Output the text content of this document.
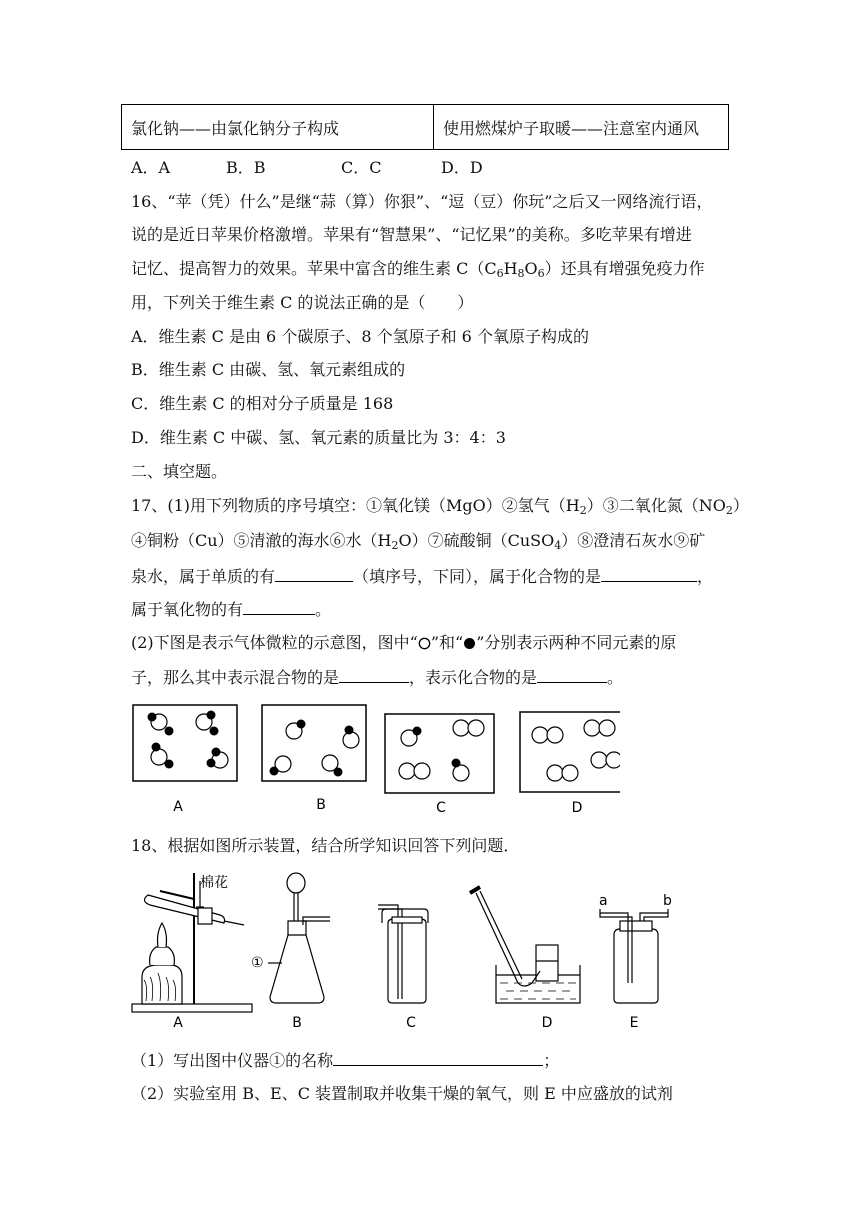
氯化钠——由氯化钠分子构成	使用燃煤炉子取暖——注意室内通风
A．A	B．B	C．C	D．D
16、“苹（凭）什么”是继“蒜（算）你狠”、“逗（豆）你玩”之后又一网络流行语，
说的是近日苹果价格激增。苹果有“智慧果”、“记忆果”的美称。多吃苹果有增进
记忆、提高智力的效果。苹果中富含的维生素 $C(C_6H_8O_6)$还具有增强免疫力作
用，下列关于维生素 C 的说法正确的是（　　）
A．维生素 C 是由 6 个碳原子、8 个氢原子和 6 个氧原子构成的
B．维生素 C 由碳、氢、氧元素组成的
C．维生素 C 的相对分子质量是 168
D．维生素 C 中碳、氢、氧元素的质量比为 3：4：3
二、填空题。
17、(1)用下列物质的序号填空：①氧化镁（MgO）②氢气$(H_2)③$二氧化氮$(NO_2)$
④铜粉（Cu）⑤清澈的海水⑥水$(H_2O)⑦$硫酸铜（CuSO$_4$）⑧澄清石灰水⑨矿
泉水，属于单质的有	（填序号，下同），属于化合物的是	，
属于氧化物的有	。
(2)下图是表示气体微粒的示意图，图中“ ”和“ ”分别表示两种不同元素的原
子，那么其中表示混合物的是	，表示化合物的是	。
A	B	C	D
18、根据如图所示装置，结合所学知识回答下列问题．
棉花
A
①
B	C	D
a	b
E
（1）写出图中仪器①的名称	；
（2）实验室用 B、E、C 装置制取并收集干燥的氧气，则 E 中应盛放的试剂
